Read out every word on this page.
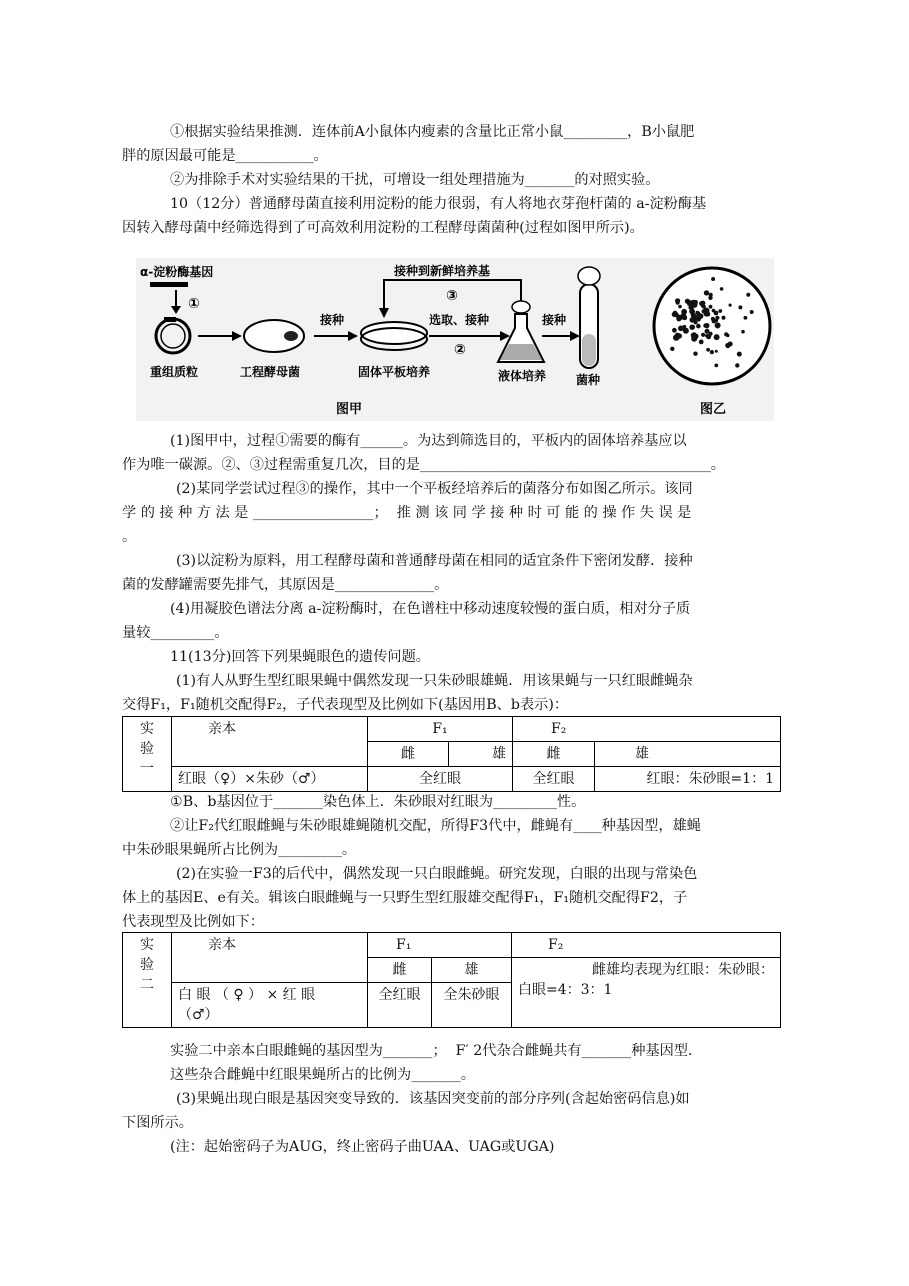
①根据实验结果推测．连体前A小鼠体内瘦素的含量比正常小鼠_________，B小鼠肥
胖的原因最可能是___________。
②为排除手术对实验结果的干扰，可增设一组处理措施为_______的对照实验。
10（12分）普通酵母菌直接利用淀粉的能力很弱，有人将地衣芽孢杆菌的 a-淀粉酶基
因转入酵母菌中经筛选得到了可高效利用淀粉的工程酵母菌菌种(过程如图甲所示)。
α-淀粉酶基因
①
重组质粒	工程酵母菌
接种
固体平板培养
选取、接种
②
接种到新鲜培养基
③
液体培养
接种
菌种
图甲	图乙
(1)图甲中，过程①需要的酶有______。为达到筛选目的，平板内的固体培养基应以
作为唯一碳源。②、③过程需重复几次，目的是_________________________________________。
(2)某同学尝试过程③的操作，其中一个平板经培养后的菌落分布如图乙所示。该同
学 的 接 种 方 法 是 _________________；  推 测 该 同 学 接 种 时 可 能 的 操 作 失 误 是
。
(3)以淀粉为原料，用工程酵母菌和普通酵母菌在相同的适宜条件下密闭发酵．接种
菌的发酵罐需要先排气，其原因是______________。
(4)用凝胶色谱法分离 a-淀粉酶时，在色谱柱中移动速度较慢的蛋白质，相对分子质
量较_________。
11(13分)回答下列果蝇眼色的遗传问题。
(1)有人从野生型红眼果蝇中偶然发现一只朱砂眼雄蝇．用该果蝇与一只红眼雌蝇杂
交得F₁，F₁随机交配得F₂，子代表现型及比例如下(基因用B、b表示)：
实
验
一	亲本	F₁		F₂	
		雌	雄	雌	雄
	红眼（♀）×朱砂（♂）	全红眼		全红眼	红眼：朱砂眼=1：1
①B、b基因位于_______染色体上．朱砂眼对红眼为_________性。
②让F₂代红眼雌蝇与朱砂眼雄蝇随机交配，所得F3代中，雌蝇有____种基因型，雄蝇
中朱砂眼果蝇所占比例为_________。
(2)在实验一F3的后代中，偶然发现一只白眼雌蝇。研究发现，白眼的出现与常染色
体上的基因E、e有关。辑该白眼雌蝇与一只野生型红服雄交配得F₁，F₁随机交配得F2，子
代表现型及比例如下：
实
验
二	亲本	F₁		F₂
		雌	雄	雌雄均表现为红眼：朱砂眼：
白眼=4：3：1

	白 眼 （ ♀ ） × 红 眼
（♂）	全红眼	全朱砂眼	
实验二中亲本白眼雌蝇的基因型为_______；  F′ 2代杂合雌蝇共有_______种基因型．
这些杂合雌蝇中红眼果蝇所占的比例为_______。
(3)果蝇出现白眼是基因突变导致的．该基因突变前的部分序列(含起始密码信息)如
下图所示。
(注：起始密码子为AUG，终止密码子曲UAA、UAG或UGA)
